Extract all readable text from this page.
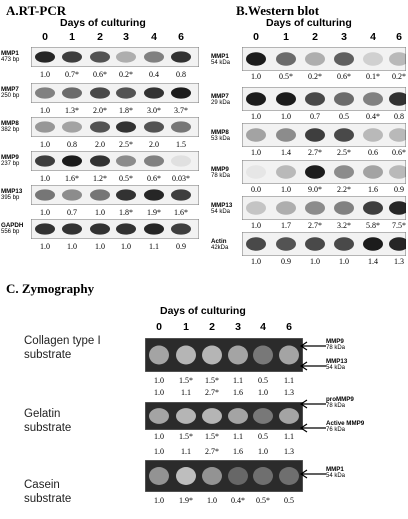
A.RT-PCR
Days of culturing
0 1 2 3 4 6
MMP1
473 bp
1.0 0.7* 0.6* 0.2* 0.4 0.8
MMP7
250 bp
1.0 1.3* 2.0* 1.8* 3.0* 3.7*
MMP8
382 bp
1.0 0.8 2.0 2.5* 2.0 1.5
MMP9
237 bp
1.0 1.6* 1.2* 0.5* 0.6* 0.03*
MMP13
395 bp
1.0 0.7 1.0 1.8* 1.9* 1.6*
GAPDH
556 bp
1.0 1.0 1.0 1.0 1.1 0.9
B.Western blot
Days of culturing
0 1 2 3 4 6
MMP1
54 kDa
1.0 0.5* 0.2* 0.6* 0.1* 0.2*
MMP7
29 kDa
1.0	1.0 0.7 0.5 0.4* 0.8
MMP8
53 kDa
1.0	1.4 2.7* 2.5* 0.6 0.6*
MMP9
78 kDa
0.0	1.0 9.0* 2.2* 1.6 0.9
MMP13
54 kDa
1.0	1.7 2.7* 3.2* 5.8* 7.5*
Actin
42kDa
1.0	0.9 1.0 1.0 1.4 1.3
C. Zymography
Days of culturing
0 1 2 3 4 6
Collagen type I
substrate
1.0 1.5* 1.5* 1.1 0.5 1.1
1.0 1.1 2.7* 1.6 1.0 1.3
MMP9
78 kDa
MMP13
54 kDa
Gelatin
substrate
1.0 1.5* 1.5* 1.1 0.5 1.1
1.0 1.1 2.7* 1.6 1.0 1.3
proMMP9
78 kDa
Active MMP9
76 kDa
Casein
substrate	1.0 1.9* 1.0 0.4* 0.5* 0.5
MMP1
54 kDa
